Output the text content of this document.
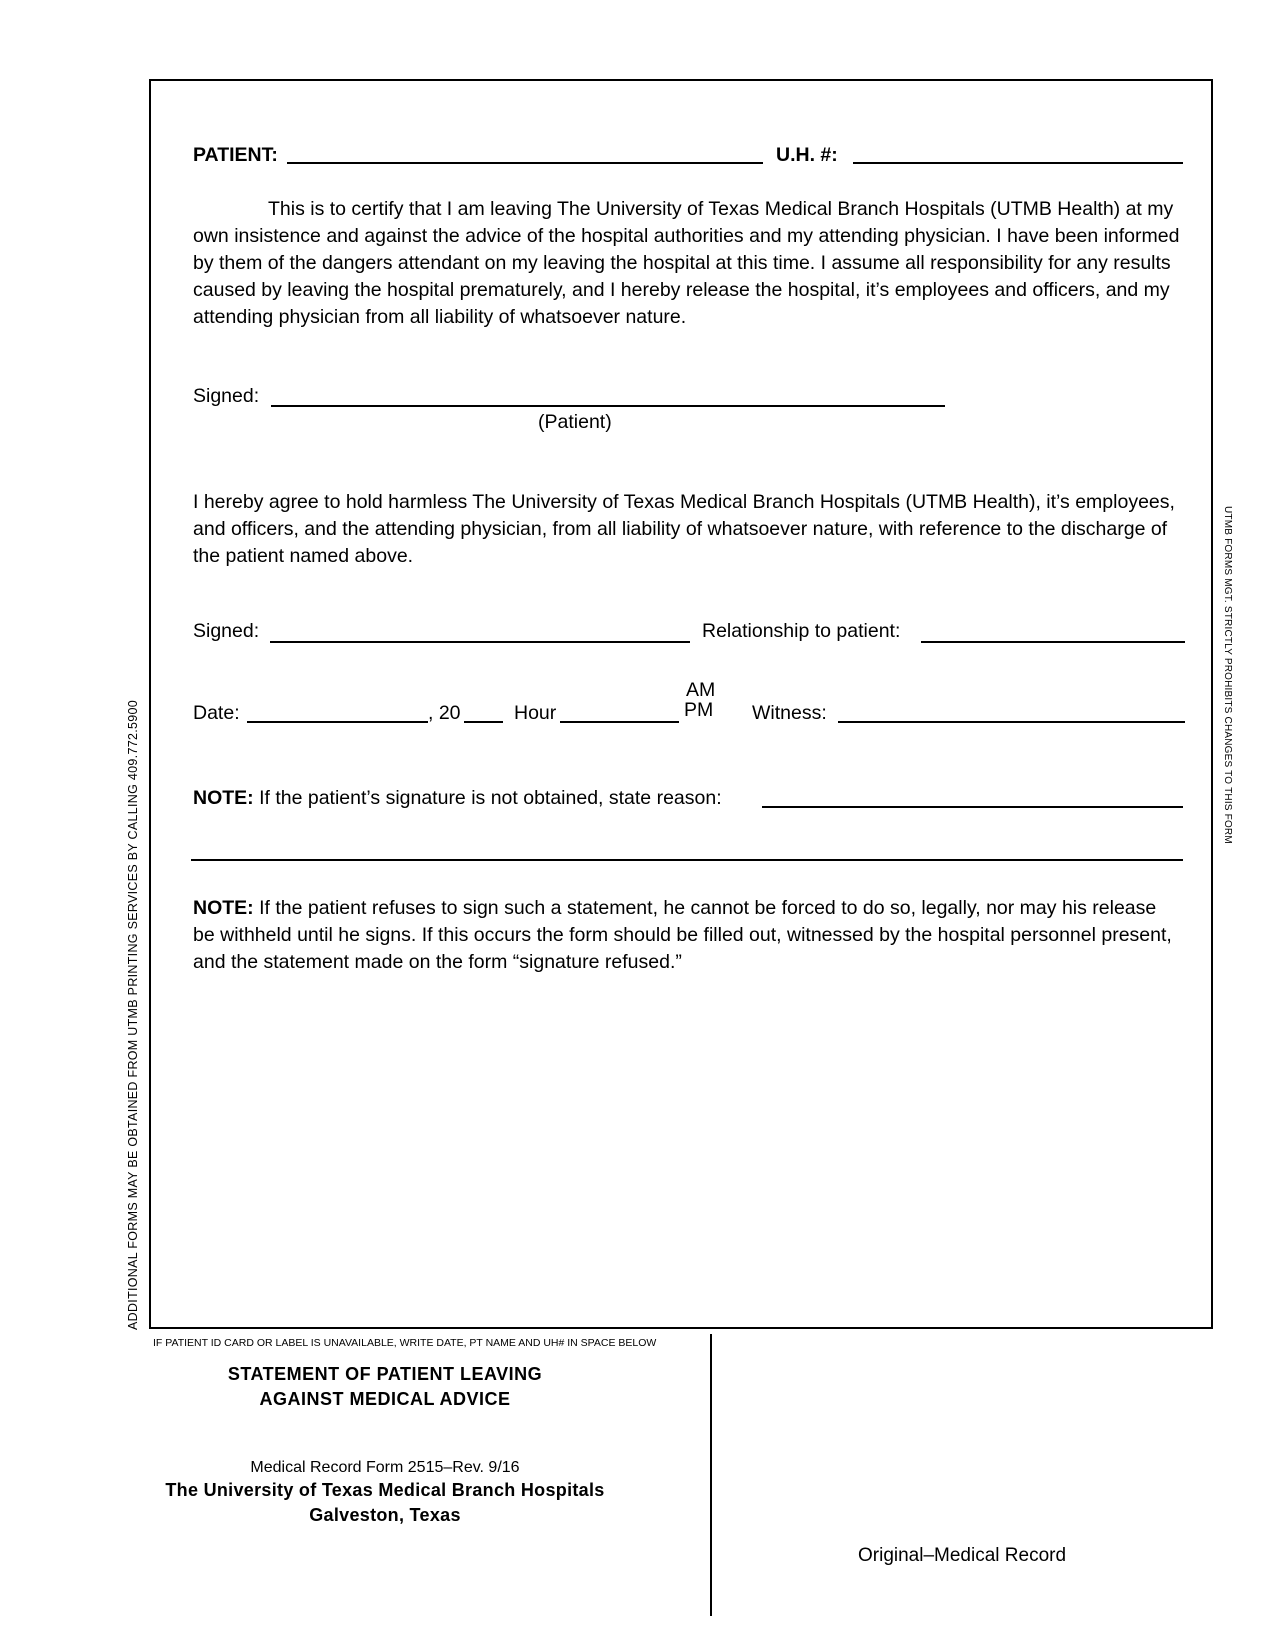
PATIENT:	U.H. #:
This is to certify that I am leaving The University of Texas Medical Branch Hospitals (UTMB Health) at my own insistence and against the advice of the hospital authorities and my attending physician. I have been informed by them of the dangers attendant on my leaving the hospital at this time. I assume all responsibility for any results caused by leaving the hospital prematurely, and I hereby release the hospital, it’s employees and officers, and my attending physician from all liability of whatsoever nature.
Signed:
(Patient)
I hereby agree to hold harmless The University of Texas Medical Branch Hospitals (UTMB Health), it’s employees, and officers, and the attending physician, from all liability of whatsoever nature, with reference to the discharge of the patient named above.
Signed:	Relationship to patient:
Date:	, 20	Hour
AM
PM Witness:
NOTE: If the patient’s signature is not obtained, state reason:
NOTE: If the patient refuses to sign such a statement, he cannot be forced to do so, legally, nor may his release be withheld until he signs. If this occurs the form should be filled out, witnessed by the hospital personnel present, and the statement made on the form “signature refused.”
ADDITIONAL FORMS MAY BE OBTAINED FROM UTMB PRINTING SERVICES BY CALLING 409.772.5900
UTMB FORMS MGT. STRICTLY PROHIBITS CHANGES TO THIS FORM
IF PATIENT ID CARD OR LABEL IS UNAVAILABLE, WRITE DATE, PT NAME AND UH# IN SPACE BELOW
STATEMENT OF PATIENT LEAVING
AGAINST MEDICAL ADVICE
Medical Record Form 2515–Rev. 9/16
The University of Texas Medical Branch Hospitals
Galveston, Texas
Original–Medical Record
